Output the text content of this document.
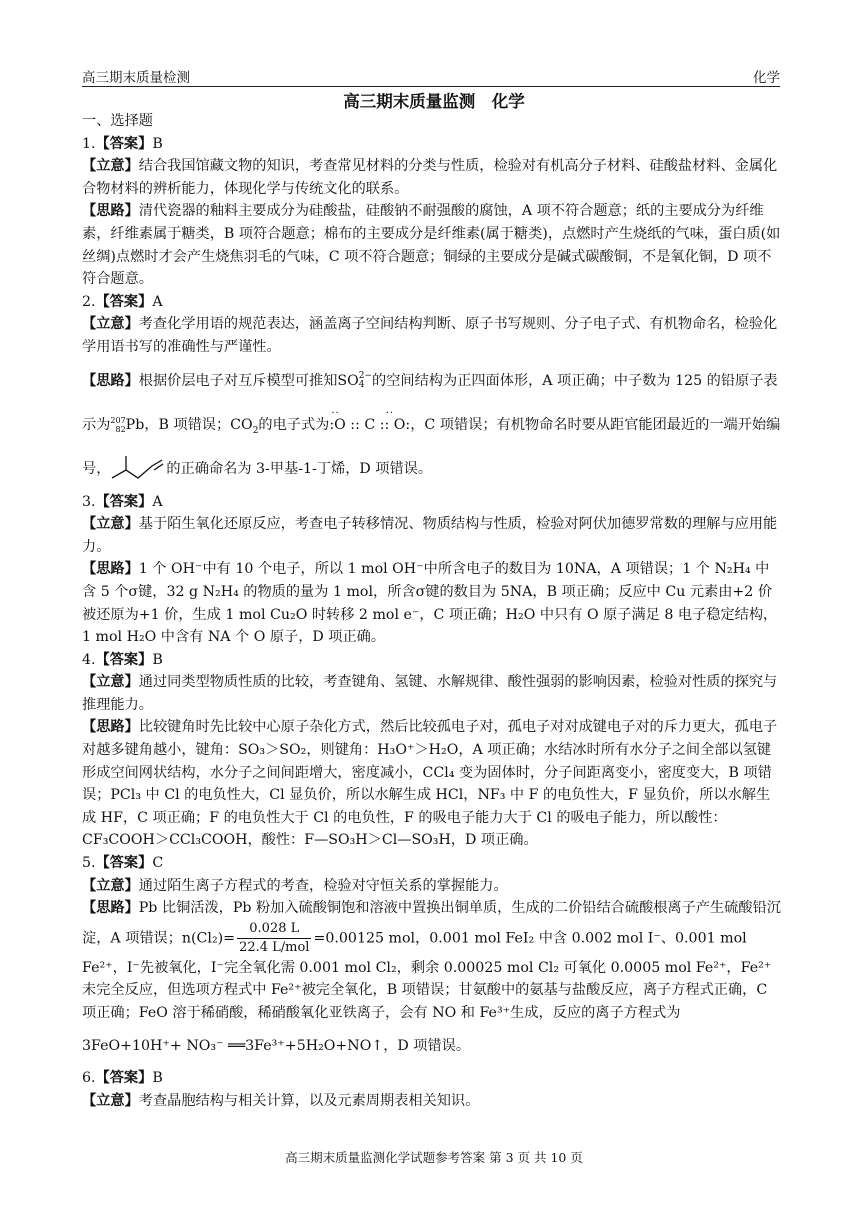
高三期末质量检测	化学
高三期末质量监测　化学

一、选择题

1.【答案】B

【立意】结合我国馆藏文物的知识，考查常见材料的分类与性质，检验对有机高分子材料、硅酸盐材料、金属化合物材料的辨析能力，体现化学与传统文化的联系。

【思路】清代瓷器的釉料主要成分为硅酸盐，硅酸钠不耐强酸的腐蚀，A 项不符合题意；纸的主要成分为纤维素，纤维素属于糖类，B 项符合题意；棉布的主要成分是纤维素(属于糖类)，点燃时产生烧纸的气味，蛋白质(如丝绸)点燃时才会产生烧焦羽毛的气味，C 项不符合题意；铜绿的主要成分是碱式碳酸铜，不是氧化铜，D 项不符合题意。

2.【答案】A

【立意】考查化学用语的规范表达，涵盖离子空间结构判断、原子书写规则、分子电子式、有机物命名，检验化学用语书写的准确性与严谨性。

【思路】根据价层电子对互斥模型可推知SO 2−
4 的空间结构为正四面体形，A 项正确；中子数为 125 的铅原子表示为 207
82 Pb，B 项错误；$CO_2$的电子式为
··           ··
:O :: C :: O:，C 项错误；有机物命名时要从距官能团最近的一端开始编号，	的正确命名为 3-甲基-1-丁烯，D 项错误。

3.【答案】A

【立意】基于陌生氧化还原反应，考查电子转移情况、物质结构与性质，检验对阿伏加德罗常数的理解与应用能力。

【思路】1 个 OH⁻中有 10 个电子，所以 1 mol OH⁻中所含电子的数目为 10NA，A 项错误；1 个 N₂H₄ 中含 5 个σ键，32 g N₂H₄ 的物质的量为 1 mol，所含σ键的数目为 5NA，B 项正确；反应中 Cu 元素由+2 价被还原为+1 价，生成 1 mol Cu₂O 时转移 2 mol e⁻，C 项正确；H₂O 中只有 O 原子满足 8 电子稳定结构，1 mol H₂O 中含有 NA 个 O 原子，D 项正确。

4.【答案】B

【立意】通过同类型物质性质的比较，考查键角、氢键、水解规律、酸性强弱的影响因素，检验对性质的探究与推理能力。

【思路】比较键角时先比较中心原子杂化方式，然后比较孤电子对，孤电子对对成键电子对的斥力更大，孤电子对越多键角越小，键角：SO₃＞SO₂，则键角：H₃O⁺＞H₂O，A 项正确；水结冰时所有水分子之间全部以氢键形成空间网状结构，水分子之间间距增大，密度减小，CCl₄ 变为固体时，分子间距离变小，密度变大，B 项错误；PCl₃ 中 Cl 的电负性大，Cl 显负价，所以水解生成 HCl，NF₃ 中 F 的电负性大，F 显负价，所以水解生成 HF，C 项正确；F 的电负性大于 Cl 的电负性，F 的吸电子能力大于 Cl 的吸电子能力，所以酸性：CF₃COOH＞CCl₃COOH，酸性：F—SO₃H＞Cl—SO₃H，D 项正确。

5.【答案】C

【立意】通过陌生离子方程式的考查，检验对守恒关系的掌握能力。

【思路】Pb 比铜活泼，Pb 粉加入硫酸铜饱和溶液中置换出铜单质，生成的二价铅结合硫酸根离子产生硫酸铅沉淀，A 项错误；$n(Cl_2)= \frac{0.028 L}{\text{22.4 L/mol}} =0.00125$ mol，0.001 mol FeI₂ 中含 0.002 mol I⁻、0.001 mol Fe²⁺，I⁻先被氧化，I⁻完全氧化需 0.001 mol Cl₂，剩余 0.00025 mol Cl₂ 可氧化 0.0005 mol Fe²⁺，Fe²⁺未完全反应，但选项方程式中 Fe²⁺被完全氧化，B 项错误；甘氨酸中的氨基与盐酸反应，离子方程式正确，C 项正确；FeO 溶于稀硝酸，稀硝酸氧化亚铁离子，会有 NO 和 Fe³⁺生成，反应的离子方程式为

3FeO+10H⁺+ NO₃⁻ ══3Fe³⁺+5H₂O+NO↑，D 项错误。

6.【答案】B

【立意】考查晶胞结构与相关计算，以及元素周期表相关知识。

高三期末质量监测化学试题参考答案 第 3 页 共 10 页
